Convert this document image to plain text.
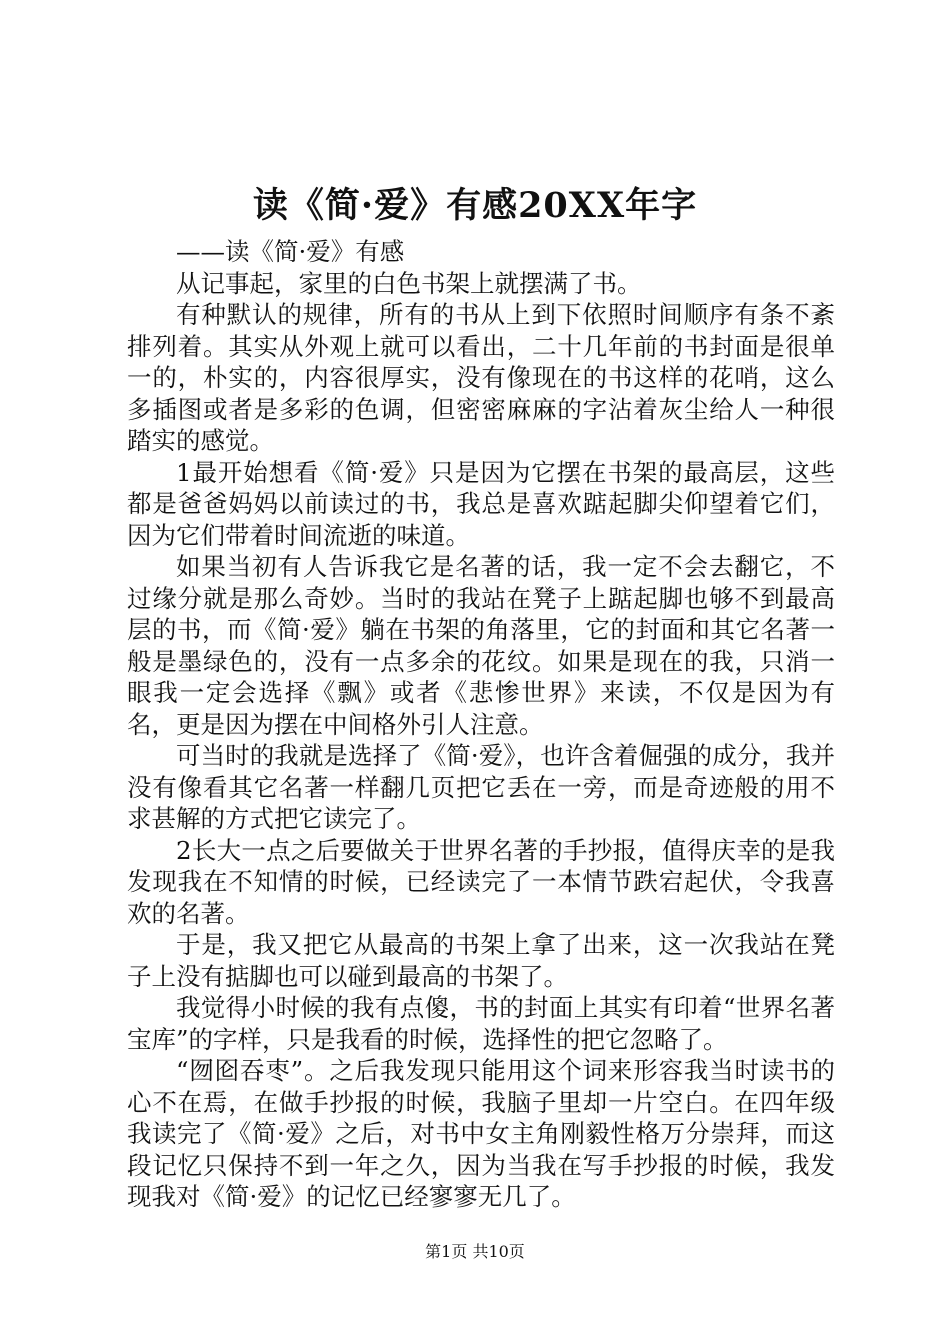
读《简·爱》有感20XX年字

——读《简·爱》有感

从记事起，家里的白色书架上就摆满了书。

有种默认的规律，所有的书从上到下依照时间顺序有条不紊排列着。其实从外观上就可以看出，二十几年前的书封面是很单一的，朴实的，内容很厚实，没有像现在的书这样的花哨，这么多插图或者是多彩的色调，但密密麻麻的字沾着灰尘给人一种很踏实的感觉。

1最开始想看《简·爱》只是因为它摆在书架的最高层，这些都是爸爸妈妈以前读过的书，我总是喜欢踮起脚尖仰望着它们，因为它们带着时间流逝的味道。

如果当初有人告诉我它是名著的话，我一定不会去翻它，不过缘分就是那么奇妙。当时的我站在凳子上踮起脚也够不到最高层的书，而《简·爱》躺在书架的角落里，它的封面和其它名著一般是墨绿色的，没有一点多余的花纹。如果是现在的我，只消一眼我一定会选择《飘》或者《悲惨世界》来读，不仅是因为有名，更是因为摆在中间格外引人注意。

可当时的我就是选择了《简·爱》，也许含着倔强的成分，我并没有像看其它名著一样翻几页把它丢在一旁，而是奇迹般的用不求甚解的方式把它读完了。

2长大一点之后要做关于世界名著的手抄报，值得庆幸的是我发现我在不知情的时候，已经读完了一本情节跌宕起伏，令我喜欢的名著。

于是，我又把它从最高的书架上拿了出来，这一次我站在凳子上没有掂脚也可以碰到最高的书架了。

我觉得小时候的我有点傻，书的封面上其实有印着“世界名著宝库”的字样，只是我看的时候，选择性的把它忽略了。

“囫囵吞枣”。之后我发现只能用这个词来形容我当时读书的心不在焉，在做手抄报的时候，我脑子里却一片空白。在四年级我读完了《简·爱》之后，对书中女主角刚毅性格万分崇拜，而这段记忆只保持不到一年之久，因为当我在写手抄报的时候，我发现我对《简·爱》的记忆已经寥寥无几了。

第1页 共10页
